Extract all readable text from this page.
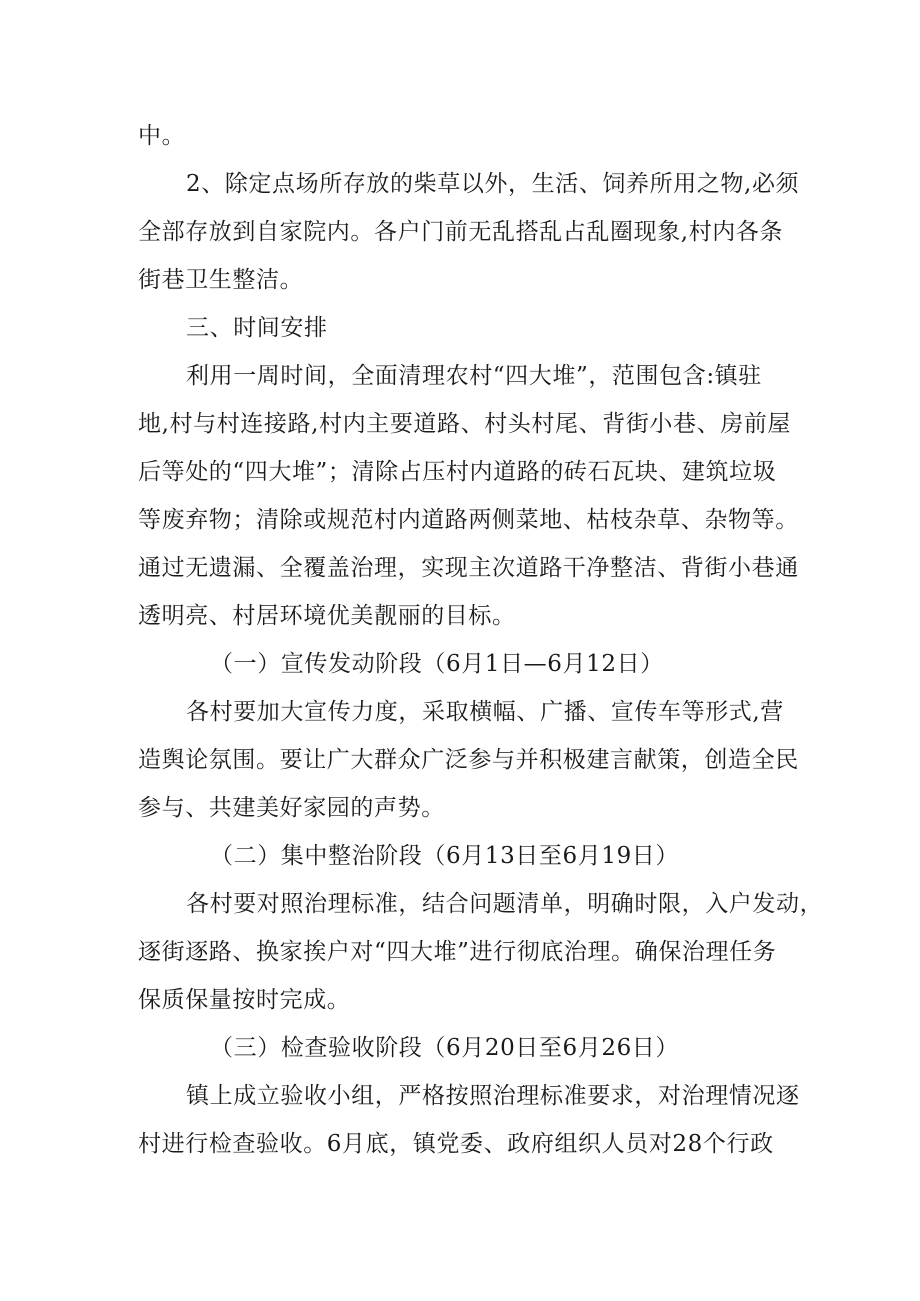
中。
2、除定点场所存放的柴草以外，生活、饲养所用之物,必须
全部存放到自家院内。各户门前无乱搭乱占乱圈现象,村内各条
街巷卫生整洁。
三、时间安排
利用一周时间，全面清理农村“四大堆”，范围包含:镇驻
地,村与村连接路,村内主要道路、村头村尾、背街小巷、房前屋
后等处的“四大堆”；清除占压村内道路的砖石瓦块、建筑垃圾
等废弃物；清除或规范村内道路两侧菜地、枯枝杂草、杂物等。
通过无遗漏、全覆盖治理，实现主次道路干净整洁、背街小巷通
透明亮、村居环境优美靓丽的目标。
（一）宣传发动阶段（6月1日—6月12日）
各村要加大宣传力度，采取横幅、广播、宣传车等形式,营
造舆论氛围。要让广大群众广泛参与并积极建言献策，创造全民
参与、共建美好家园的声势。
（二）集中整治阶段（6月13日至6月19日）
各村要对照治理标准，结合问题清单，明确时限，入户发动，
逐街逐路、换家挨户对“四大堆”进行彻底治理。确保治理任务
保质保量按时完成。
（三）检查验收阶段（6月20日至6月26日）
镇上成立验收小组，严格按照治理标准要求，对治理情况逐
村进行检查验收。6月底，镇党委、政府组织人员对28个行政
